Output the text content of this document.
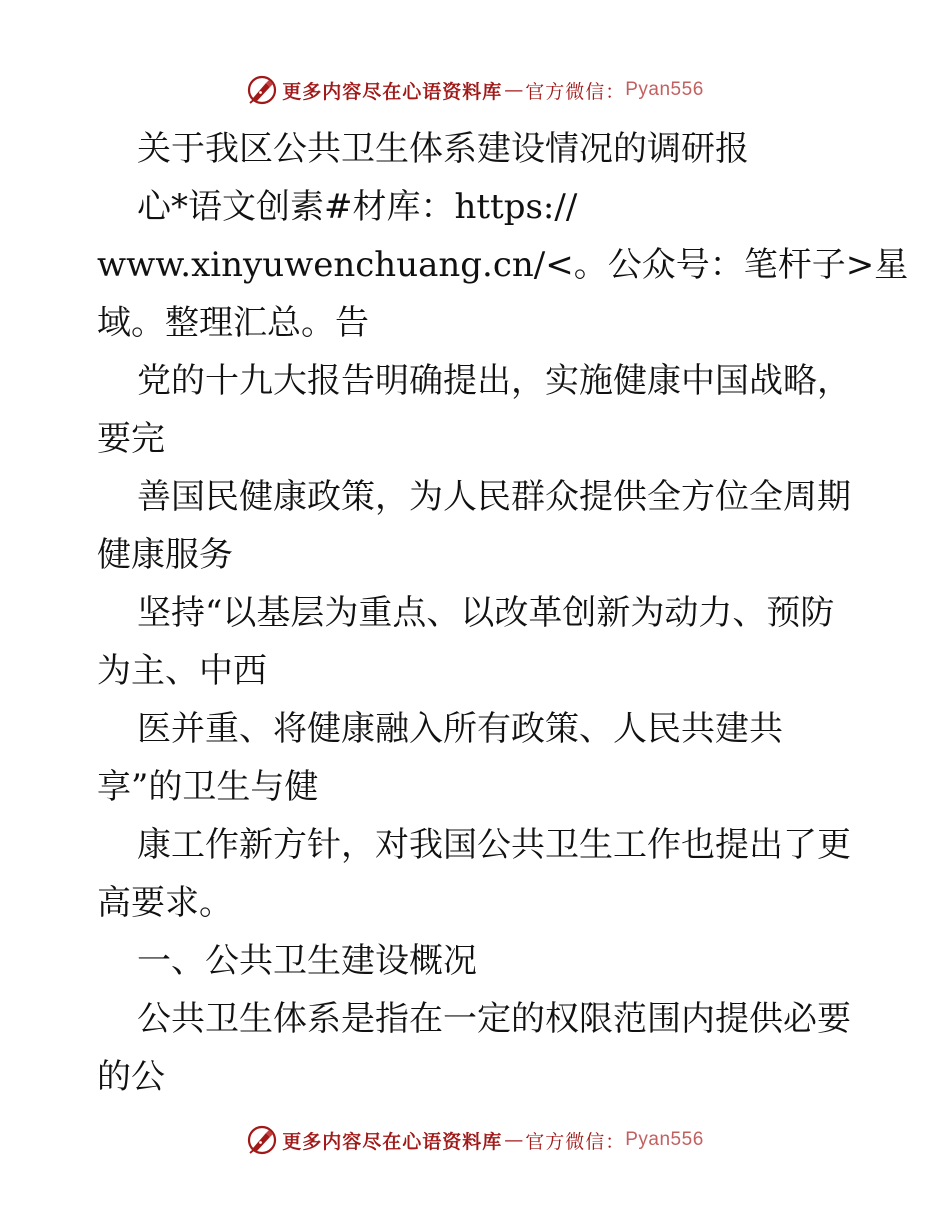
更多内容尽在心语资料库 — 官方微信： Pyan556
关于我区公共卫生体系建设情况的调研报
心*语文创素#材库：https://
www.xinyuwenchuang.cn/<。公众号：笔杆子>星
域。整理汇总。告
党的十九大报告明确提出，实施健康中国战略，
要完
善国民健康政策，为人民群众提供全方位全周期
健康服务
坚持“以基层为重点、以改革创新为动力、预防
为主、中西
医并重、将健康融入所有政策、人民共建共
享”的卫生与健
康工作新方针，对我国公共卫生工作也提出了更
高要求。
一、公共卫生建设概况
公共卫生体系是指在一定的权限范围内提供必要
的公
更多内容尽在心语资料库 — 官方微信： Pyan556
